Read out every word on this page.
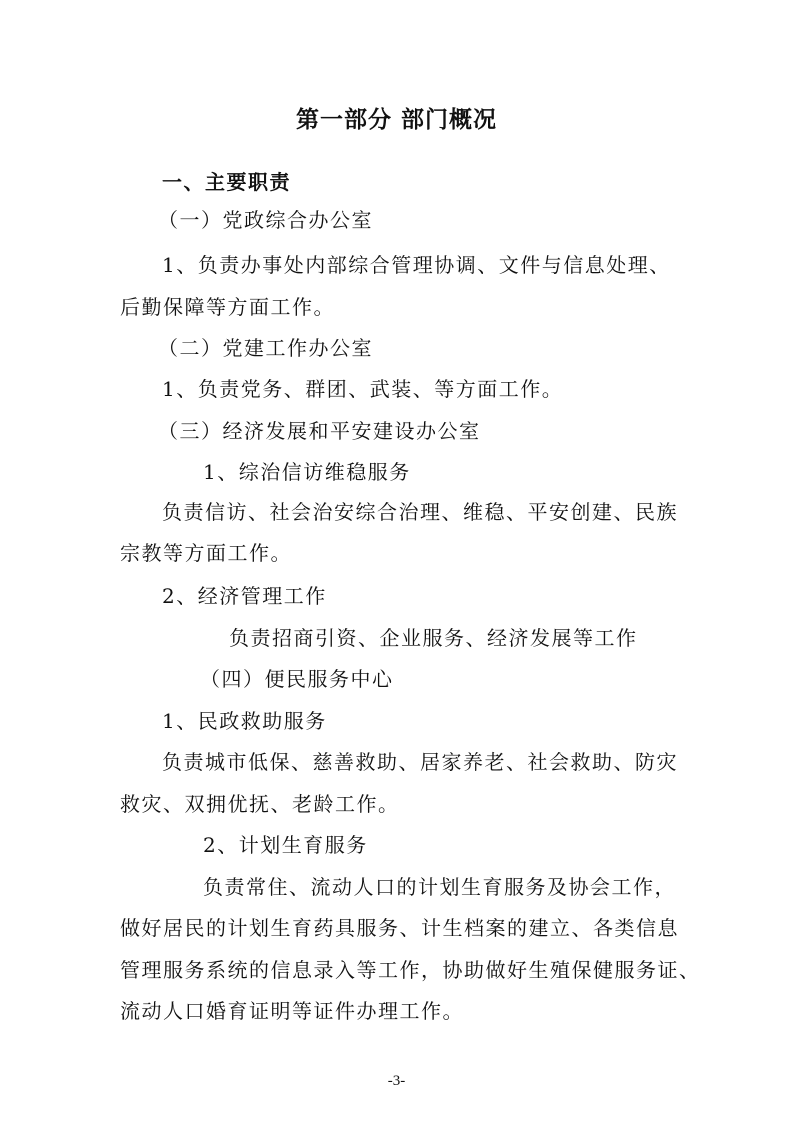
第一部分 部门概况
一、主要职责
（一）党政综合办公室
1、负责办事处内部综合管理协调、文件与信息处理、
后勤保障等方面工作。
（二）党建工作办公室
1、负责党务、群团、武装、等方面工作。
（三）经济发展和平安建设办公室
1、综治信访维稳服务
负责信访、社会治安综合治理、维稳、平安创建、民族
宗教等方面工作。
2、经济管理工作
负责招商引资、企业服务、经济发展等工作
（四）便民服务中心
1、民政救助服务
负责城市低保、慈善救助、居家养老、社会救助、防灾
救灾、双拥优抚、老龄工作。
2、计划生育服务
负责常住、流动人口的计划生育服务及协会工作，
做好居民的计划生育药具服务、计生档案的建立、各类信息
管理服务系统的信息录入等工作，协助做好生殖保健服务证、
流动人口婚育证明等证件办理工作。
-3-
